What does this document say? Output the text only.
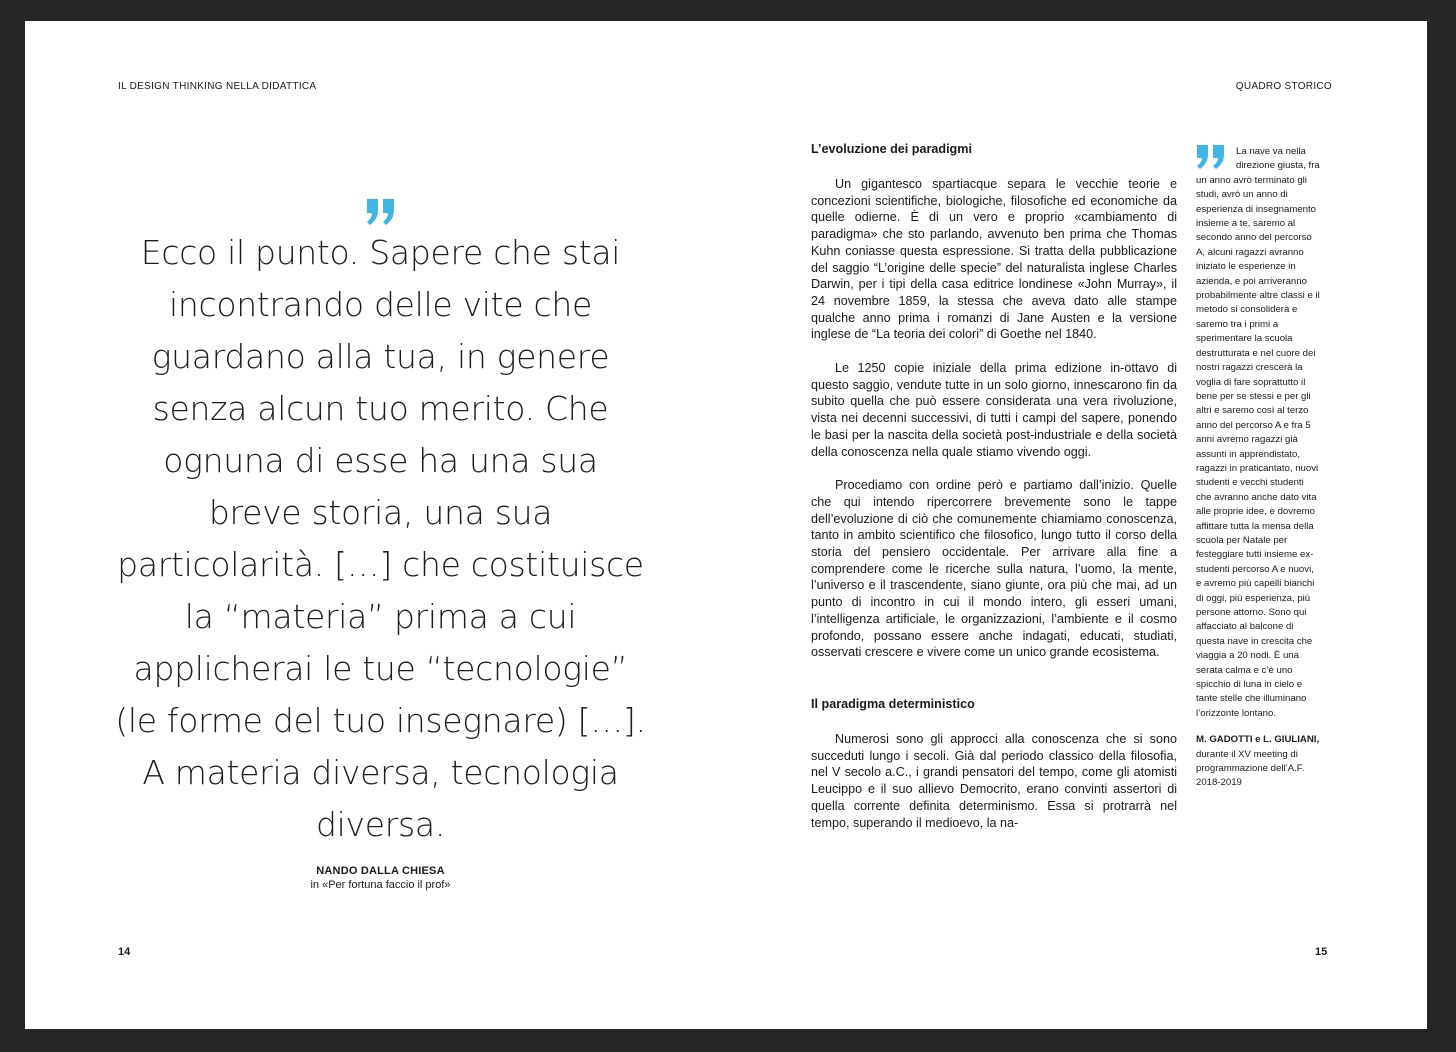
IL DESIGN THINKING NELLA DIDATTICA	QUADRO STORICO

Ecco il punto. Sapere che stai incontrando delle vite che guardano alla tua, in genere senza alcun tuo merito. Che ognuna di esse ha una sua breve storia, una sua particolarità. […] che costituisce la “materia” prima a cui applicherai le tue “tecnologie” (le forme del tuo insegnare) […]. A materia diversa, tecnologia diversa.

NANDO DALLA CHIESA
in «Per fortuna faccio il prof»
14
L’evoluzione dei paradigmi

Un gigantesco spartiacque separa le vecchie teorie e concezioni scientifiche, biologiche, filosofiche ed economiche da quelle odierne. È di un vero e proprio «cambiamento di paradigma» che sto parlando, avvenuto ben prima che Thomas Kuhn coniasse questa espressione. Si tratta della pubblicazione del saggio “L’origine delle specie” del naturalista inglese Charles Darwin, per i tipi della casa editrice londinese «John Murray», il 24 novembre 1859, la stessa che aveva dato alle stampe qualche anno prima i romanzi di Jane Austen e la versione inglese de “La teoria dei colori” di Goethe nel 1840.

Le 1250 copie iniziale della prima edizione in-ottavo di questo saggio, vendute tutte in un solo giorno, innescarono fin da subito quella che può essere considerata una vera rivoluzione, vista nei decenni successivi, di tutti i campi del sapere, ponendo le basi per la nascita della società post-industriale e della società della conoscenza nella quale stiamo vivendo oggi.

Procediamo con ordine però e partiamo dall’inizio. Quelle che qui intendo ripercorrere brevemente sono le tappe dell’evoluzione di ciò che comunemente chiamiamo conoscenza, tanto in ambito scientifico che filosofico, lungo tutto il corso della storia del pensiero occidentale. Per arrivare alla fine a comprendere come le ricerche sulla natura, l’uomo, la mente, l’universo e il trascendente, siano giunte, ora più che mai, ad un punto di incontro in cui il mondo intero, gli esseri umani, l’intelligenza artificiale, le organizzazioni, l’ambiente e il cosmo profondo, possano essere anche indagati, educati, studiati, osservati crescere e vivere come un unico grande ecosistema.

Il paradigma deterministico

Numerosi sono gli approcci alla conoscenza che si sono succeduti lungo i secoli. Già dal periodo classico della filosofia, nel V secolo a.C., i grandi pensatori del tempo, come gli atomisti Leucippo e il suo allievo Democrito, erano convinti assertori di quella corrente definita determinismo. Essa si protrarrà nel tempo, superando il medioevo, la na-

La nave va nella direzione giusta, fra un anno avrò terminato gli studi, avrò un anno di esperienza di insegnamento insieme a te, saremo al secondo anno del percorso A, alcuni ragazzi avranno iniziato le esperienze in azienda, e poi arriveranno probabilmente altre classi e il metodo si consoliderà e saremo tra i primi a sperimentare la scuola destrutturata e nel cuore dei nostri ragazzi crescerà la voglia di fare soprattutto il bene per se stessi e per gli altri e saremo così al terzo anno del percorso A e fra 5 anni avremo ragazzi già assunti in apprendistato, ragazzi in praticantato, nuovi studenti e vecchi studenti che avranno anche dato vita alle proprie idee, e dovremo affittare tutta la mensa della scuola per Natale per festeggiare tutti insieme ex-studenti percorso A e nuovi, e avremo più capelli bianchi di oggi, più esperienza, più persone attorno. Sono qui affacciato al balcone di questa nave in crescita che viaggia a 20 nodi. È una serata calma e c’è uno spicchio di luna in cielo e tante stelle che illuminano l’orizzonte lontano.

M. GADOTTI e L. GIULIANI,

durante il XV meeting di programmazione dell’A.F. 2018-2019

15
